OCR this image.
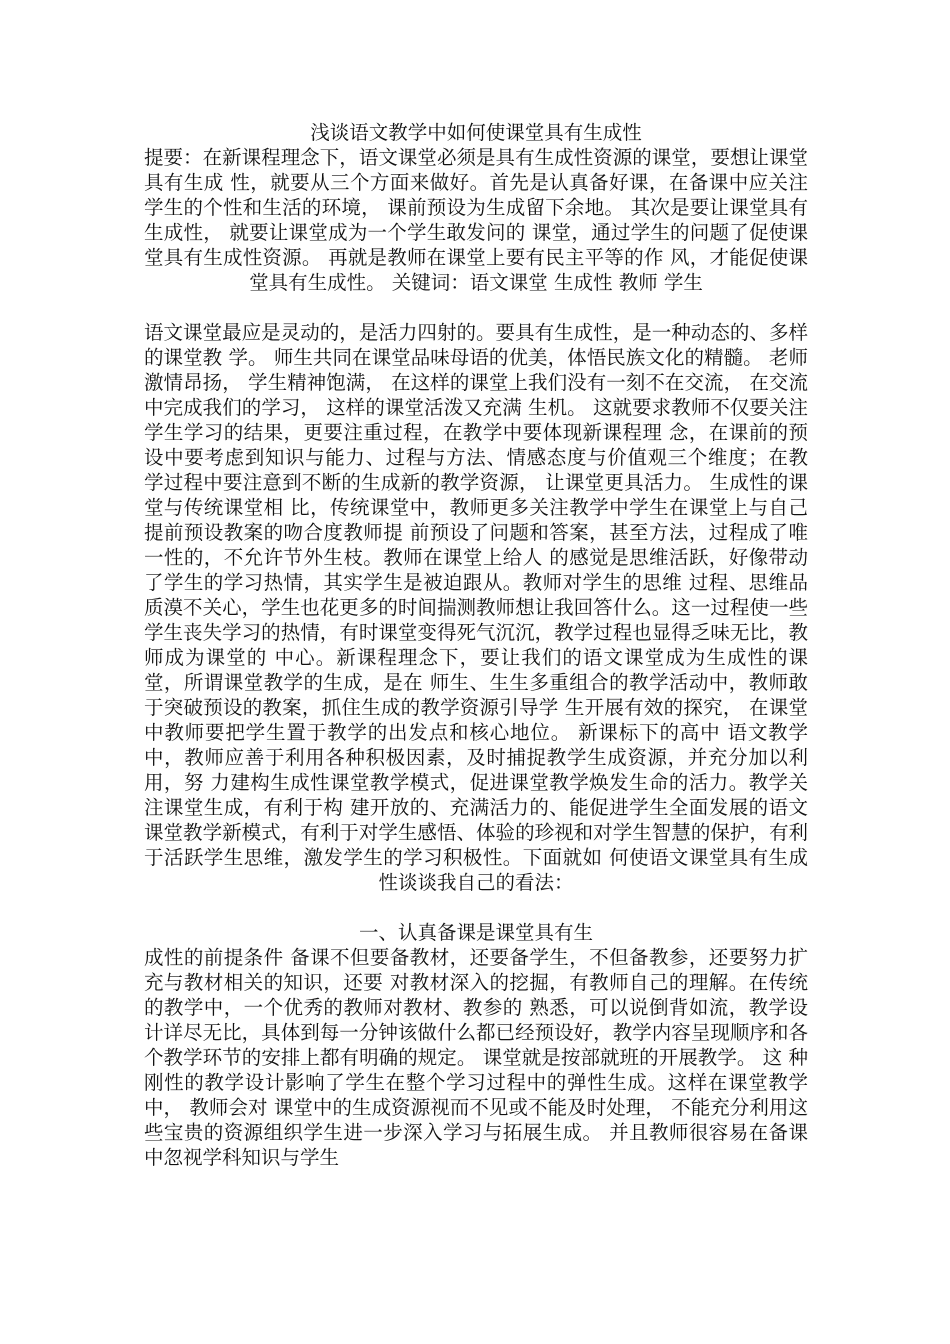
浅谈语文教学中如何使课堂具有生成性

提要：在新课程理念下，语文课堂必须是具有生成性资源的课堂，要想让课堂具有生成 性，就要从三个方面来做好。首先是认真备好课，在备课中应关注学生的个性和生活的环境， 课前预设为生成留下余地。 其次是要让课堂具有生成性， 就要让课堂成为一个学生敢发问的 课堂，通过学生的问题了促使课堂具有生成性资源。 再就是教师在课堂上要有民主平等的作 风，才能促使课堂具有生成性。 关键词：语文课堂 生成性 教师 学生

语文课堂最应是灵动的，是活力四射的。要具有生成性，是一种动态的、多样的课堂教 学。 师生共同在课堂品味母语的优美，体悟民族文化的精髓。 老师激情昂扬， 学生精神饱满， 在这样的课堂上我们没有一刻不在交流， 在交流中完成我们的学习， 这样的课堂活泼又充满 生机。 这就要求教师不仅要关注学生学习的结果，更要注重过程，在教学中要体现新课程理 念，在课前的预设中要考虑到知识与能力、过程与方法、情感态度与价值观三个维度；在教 学过程中要注意到不断的生成新的教学资源， 让课堂更具活力。 生成性的课堂与传统课堂相 比，传统课堂中，教师更多关注教学中学生在课堂上与自己提前预设教案的吻合度教师提 前预设了问题和答案，甚至方法，过程成了唯一性的，不允许节外生枝。教师在课堂上给人 的感觉是思维活跃，好像带动了学生的学习热情，其实学生是被迫跟从。教师对学生的思维 过程、思维品质漠不关心，学生也花更多的时间揣测教师想让我回答什么。这一过程使一些 学生丧失学习的热情，有时课堂变得死气沉沉，教学过程也显得乏味无比，教师成为课堂的 中心。新课程理念下，要让我们的语文课堂成为生成性的课堂，所谓课堂教学的生成，是在 师生、生生多重组合的教学活动中，教师敢于突破预设的教案，抓住生成的教学资源引导学 生开展有效的探究， 在课堂中教师要把学生置于教学的出发点和核心地位。 新课标下的高中 语文教学中，教师应善于利用各种积极因素，及时捕捉教学生成资源，并充分加以利用，努 力建构生成性课堂教学模式，促进课堂教学焕发生命的活力。教学关注课堂生成，有利于构 建开放的、充满活力的、能促进学生全面发展的语文课堂教学新模式，有利于对学生感悟、体验的珍视和对学生智慧的保护，有利于活跃学生思维，激发学生的学习积极性。下面就如 何使语文课堂具有生成性谈谈我自己的看法：

一、认真备课是课堂具有生

成性的前提条件 备课不但要备教材，还要备学生，不但备教参，还要努力扩充与教材相关的知识，还要 对教材深入的挖掘，有教师自己的理解。在传统的教学中，一个优秀的教师对教材、教参的 熟悉，可以说倒背如流，教学设计详尽无比，具体到每一分钟该做什么都已经预设好，教学内容呈现顺序和各个教学环节的安排上都有明确的规定。 课堂就是按部就班的开展教学。 这 种刚性的教学设计影响了学生在整个学习过程中的弹性生成。这样在课堂教学中， 教师会对 课堂中的生成资源视而不见或不能及时处理， 不能充分利用这些宝贵的资源组织学生进一步深入学习与拓展生成。 并且教师很容易在备课中忽视学科知识与学生
